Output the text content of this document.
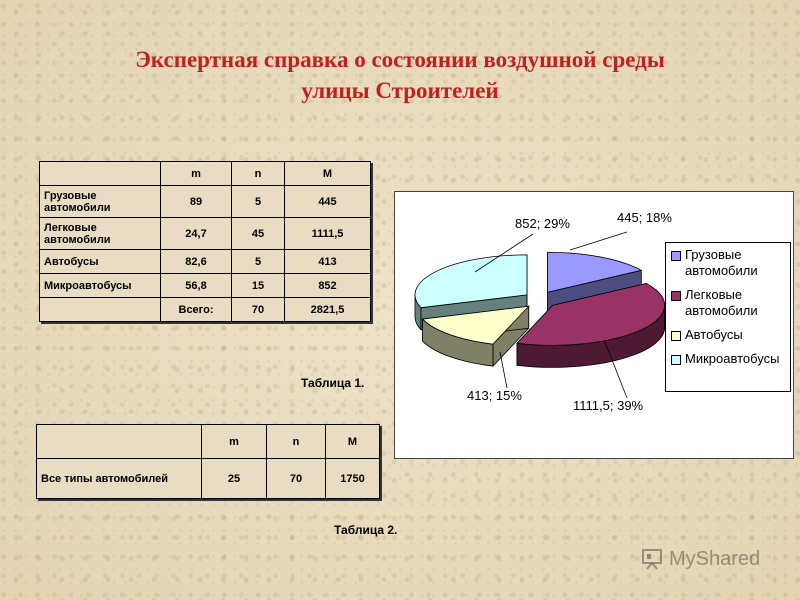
Экспертная справка о состоянии воздушной среды
улицы Строителей
	m	n	M
Грузовые автомобили	89	5	445
Легковые автомобили	24,7	45	1111,5
Автобусы	82,6	5	413
Микроавтобусы	56,8	15	852
	Всего:	70	2821,5
Таблица 1.
	m	n	M
Все типы автомобилей	25	70	1750
Таблица 2.
445; 18%
1111,5; 39%
413; 15%
852; 29%
Грузовые автомобили
Легковые автомобили
Автобусы
Микроавтобусы
MyShared
